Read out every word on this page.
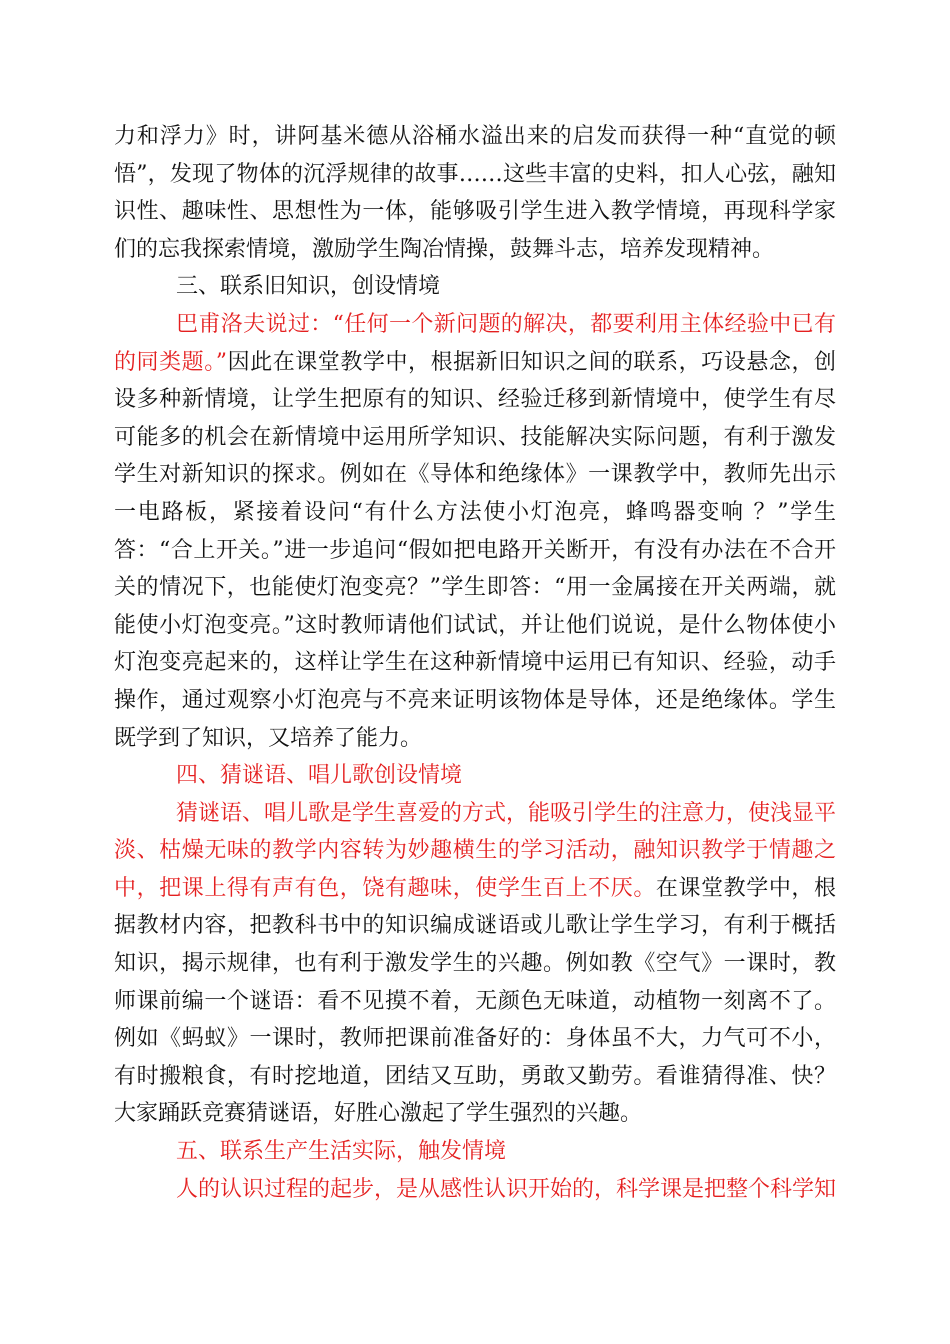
力和浮力》时，讲阿基米德从浴桶水溢出来的启发而获得一种“直觉的顿悟”，发现了物体的沉浮规律的故事……这些丰富的史料，扣人心弦，融知识性、趣味性、思想性为一体，能够吸引学生进入教学情境，再现科学家们的忘我探索情境，激励学生陶冶情操，鼓舞斗志，培养发现精神。

三、联系旧知识，创设情境

巴甫洛夫说过：“任何一个新问题的解决，都要利用主体经验中已有的同类题。”因此在课堂教学中，根据新旧知识之间的联系，巧设悬念，创设多种新情境，让学生把原有的知识、经验迁移到新情境中，使学生有尽可能多的机会在新情境中运用所学知识、技能解决实际问题，有利于激发学生对新知识的探求。例如在《导体和绝缘体》一课教学中，教师先出示一电路板，紧接着设问“有什么方法使小灯泡亮，蜂鸣器变响 ？”学生答：“合上开关。”进一步追问“假如把电路开关断开，有没有办法在不合开关的情况下，也能使灯泡变亮？”学生即答：“用一金属接在开关两端，就能使小灯泡变亮。”这时教师请他们试试，并让他们说说，是什么物体使小灯泡变亮起来的，这样让学生在这种新情境中运用已有知识、经验，动手操作，通过观察小灯泡亮与不亮来证明该物体是导体，还是绝缘体。学生既学到了知识，又培养了能力。

四、猜谜语、唱儿歌创设情境

猜谜语、唱儿歌是学生喜爱的方式，能吸引学生的注意力，使浅显平淡、枯燥无味的教学内容转为妙趣横生的学习活动，融知识教学于情趣之中，把课上得有声有色，饶有趣味，使学生百上不厌。在课堂教学中，根据教材内容，把教科书中的知识编成谜语或儿歌让学生学习，有利于概括知识，揭示规律，也有利于激发学生的兴趣。例如教《空气》一课时，教师课前编一个谜语：看不见摸不着，无颜色无味道，动植物一刻离不了。例如《蚂蚁》一课时，教师把课前准备好的：身体虽不大，力气可不小，有时搬粮食，有时挖地道，团结又互助，勇敢又勤劳。看谁猜得准、快？大家踊跃竞赛猜谜语，好胜心激起了学生强烈的兴趣。

五、联系生产生活实际，触发情境

人的认识过程的起步，是从感性认识开始的，科学课是把整个科学知
